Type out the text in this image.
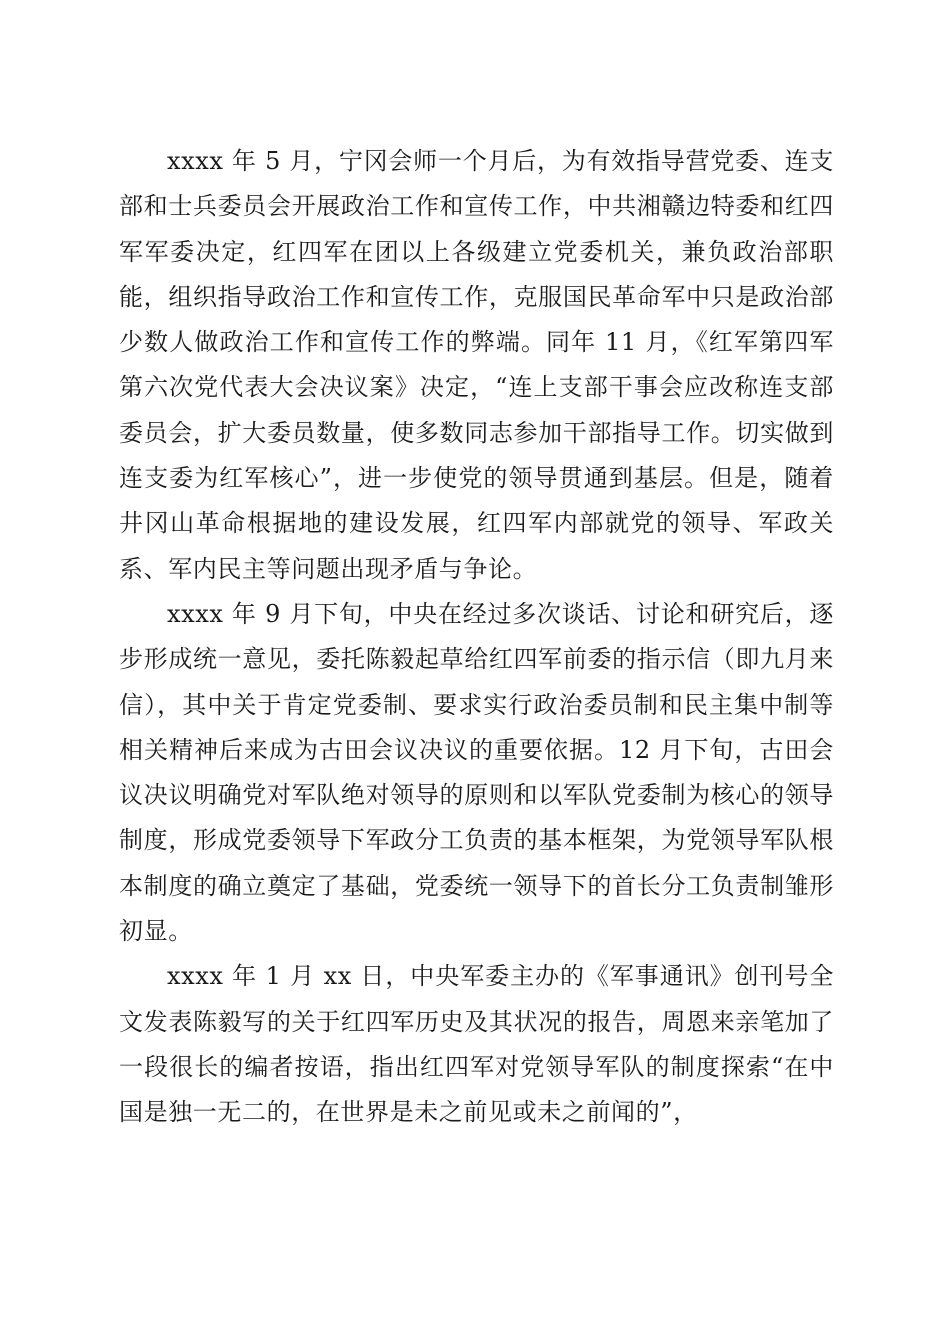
xxxx 年 5 月，宁冈会师一个月后，为有效指导营党委、连支部和士兵委员会开展政治工作和宣传工作，中共湘赣边特委和红四军军委决定，红四军在团以上各级建立党委机关，兼负政治部职能，组织指导政治工作和宣传工作，克服国民革命军中只是政治部少数人做政治工作和宣传工作的弊端。同年 11 月，《红军第四军第六次党代表大会决议案》决定，“连上支部干事会应改称连支部委员会，扩大委员数量，使多数同志参加干部指导工作。切实做到连支委为红军核心”，进一步使党的领导贯通到基层。但是，随着井冈山革命根据地的建设发展，红四军内部就党的领导、军政关系、军内民主等问题出现矛盾与争论。

xxxx 年 9 月下旬，中央在经过多次谈话、讨论和研究后，逐步形成统一意见，委托陈毅起草给红四军前委的指示信（即九月来信），其中关于肯定党委制、要求实行政治委员制和民主集中制等相关精神后来成为古田会议决议的重要依据。12 月下旬，古田会议决议明确党对军队绝对领导的原则和以军队党委制为核心的领导制度，形成党委领导下军政分工负责的基本框架，为党领导军队根本制度的确立奠定了基础，党委统一领导下的首长分工负责制雏形初显。

xxxx 年 1 月 xx 日，中央军委主办的《军事通讯》创刊号全文发表陈毅写的关于红四军历史及其状况的报告，周恩来亲笔加了一段很长的编者按语，指出红四军对党领导军队的制度探索“在中国是独一无二的，在世界是未之前见或未之前闻的”，
